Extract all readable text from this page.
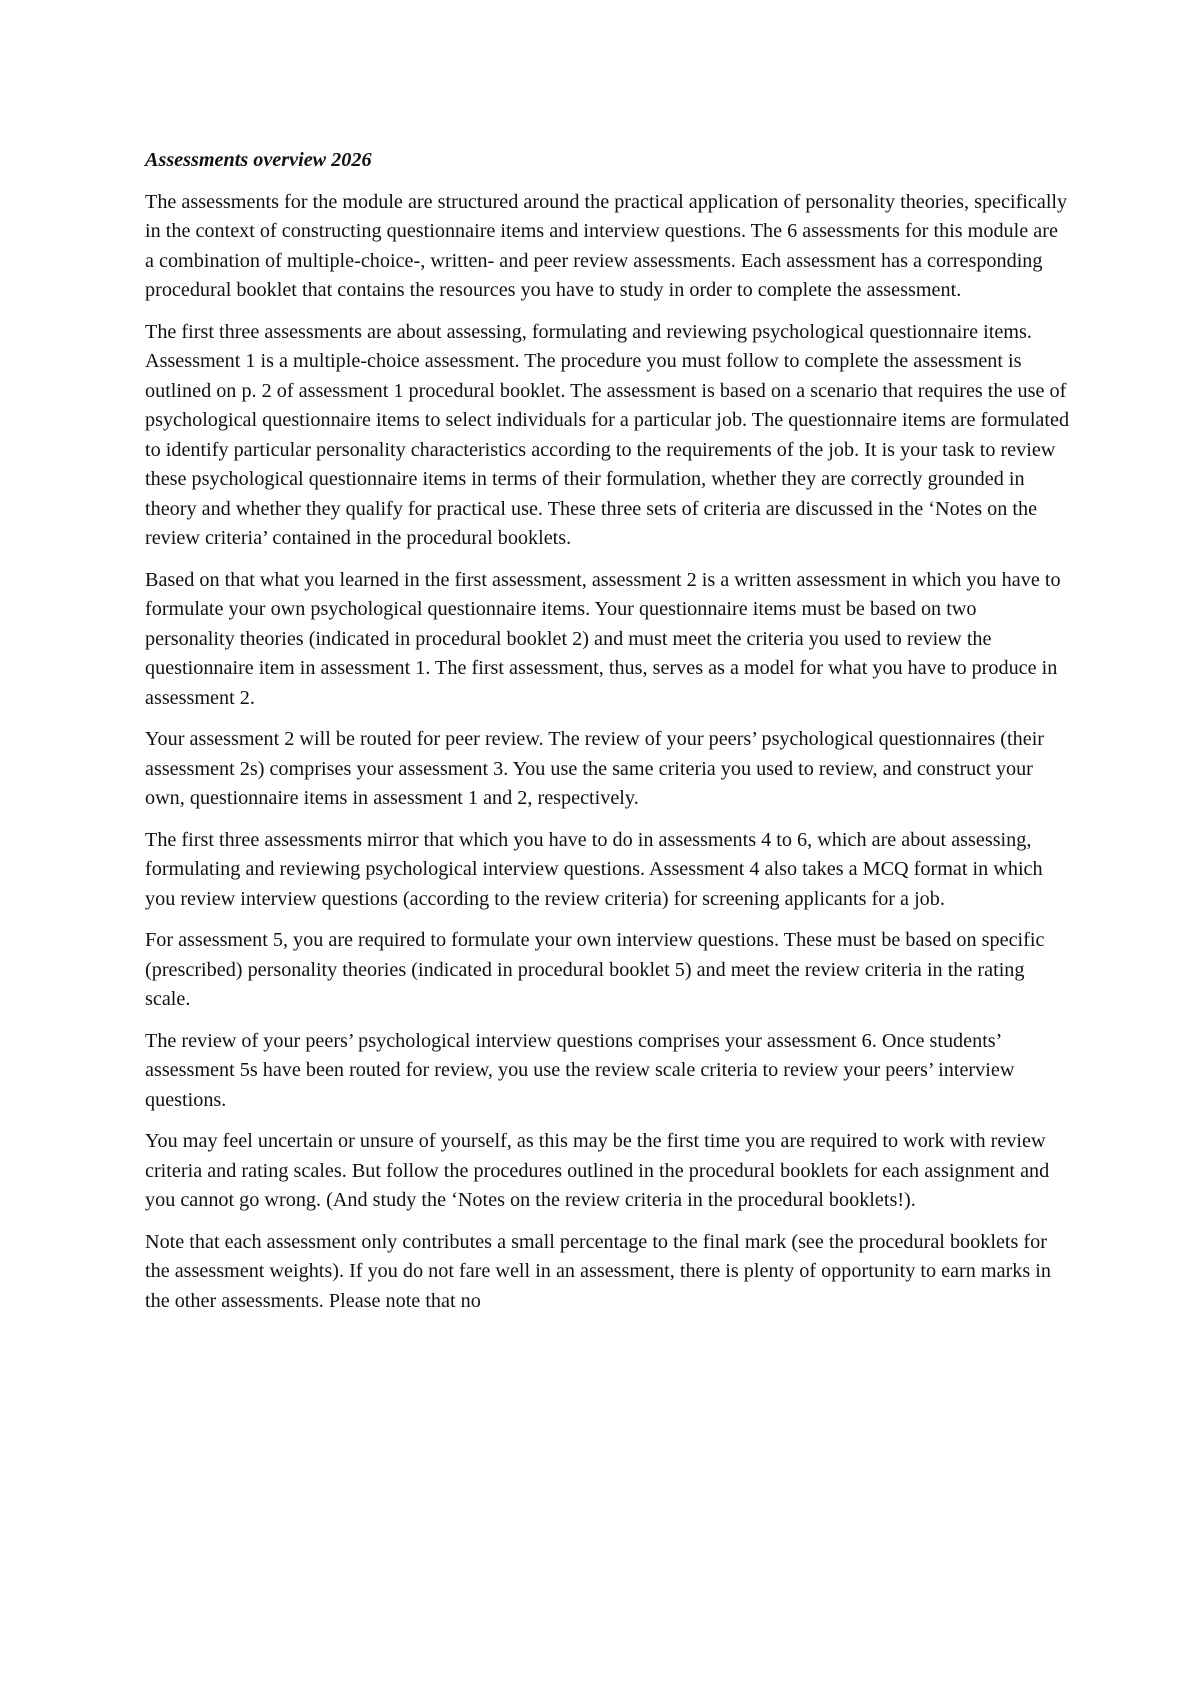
Assessments overview 2026

The assessments for the module are structured around the practical application of personality theories, specifically in the context of constructing questionnaire items and interview questions. The 6 assessments for this module are a combination of multiple-choice-, written- and peer review assessments. Each assessment has a corresponding procedural booklet that contains the resources you have to study in order to complete the assessment.

The first three assessments are about assessing, formulating and reviewing psychological questionnaire items. Assessment 1 is a multiple-choice assessment. The procedure you must follow to complete the assessment is outlined on p. 2 of assessment 1 procedural booklet. The assessment is based on a scenario that requires the use of psychological questionnaire items to select individuals for a particular job. The questionnaire items are formulated to identify particular personality characteristics according to the requirements of the job. It is your task to review these psychological questionnaire items in terms of their formulation, whether they are correctly grounded in theory and whether they qualify for practical use. These three sets of criteria are discussed in the ‘Notes on the review criteria’ contained in the procedural booklets.

Based on that what you learned in the first assessment, assessment 2 is a written assessment in which you have to formulate your own psychological questionnaire items. Your questionnaire items must be based on two personality theories (indicated in procedural booklet 2) and must meet the criteria you used to review the questionnaire item in assessment 1. The first assessment, thus, serves as a model for what you have to produce in assessment 2.

Your assessment 2 will be routed for peer review. The review of your peers’ psychological questionnaires (their assessment 2s) comprises your assessment 3. You use the same criteria you used to review, and construct your own, questionnaire items in assessment 1 and 2, respectively.

The first three assessments mirror that which you have to do in assessments 4 to 6, which are about assessing, formulating and reviewing psychological interview questions. Assessment 4 also takes a MCQ format in which you review interview questions (according to the review criteria) for screening applicants for a job.

For assessment 5, you are required to formulate your own interview questions. These must be based on specific (prescribed) personality theories (indicated in procedural booklet 5) and meet the review criteria in the rating scale.

The review of your peers’ psychological interview questions comprises your assessment 6. Once students’ assessment 5s have been routed for review, you use the review scale criteria to review your peers’ interview questions.

You may feel uncertain or unsure of yourself, as this may be the first time you are required to work with review criteria and rating scales. But follow the procedures outlined in the procedural booklets for each assignment and you cannot go wrong. (And study the ‘Notes on the review criteria in the procedural booklets!).

Note that each assessment only contributes a small percentage to the final mark (see the procedural booklets for the assessment weights). If you do not fare well in an assessment, there is plenty of opportunity to earn marks in the other assessments. Please note that no
